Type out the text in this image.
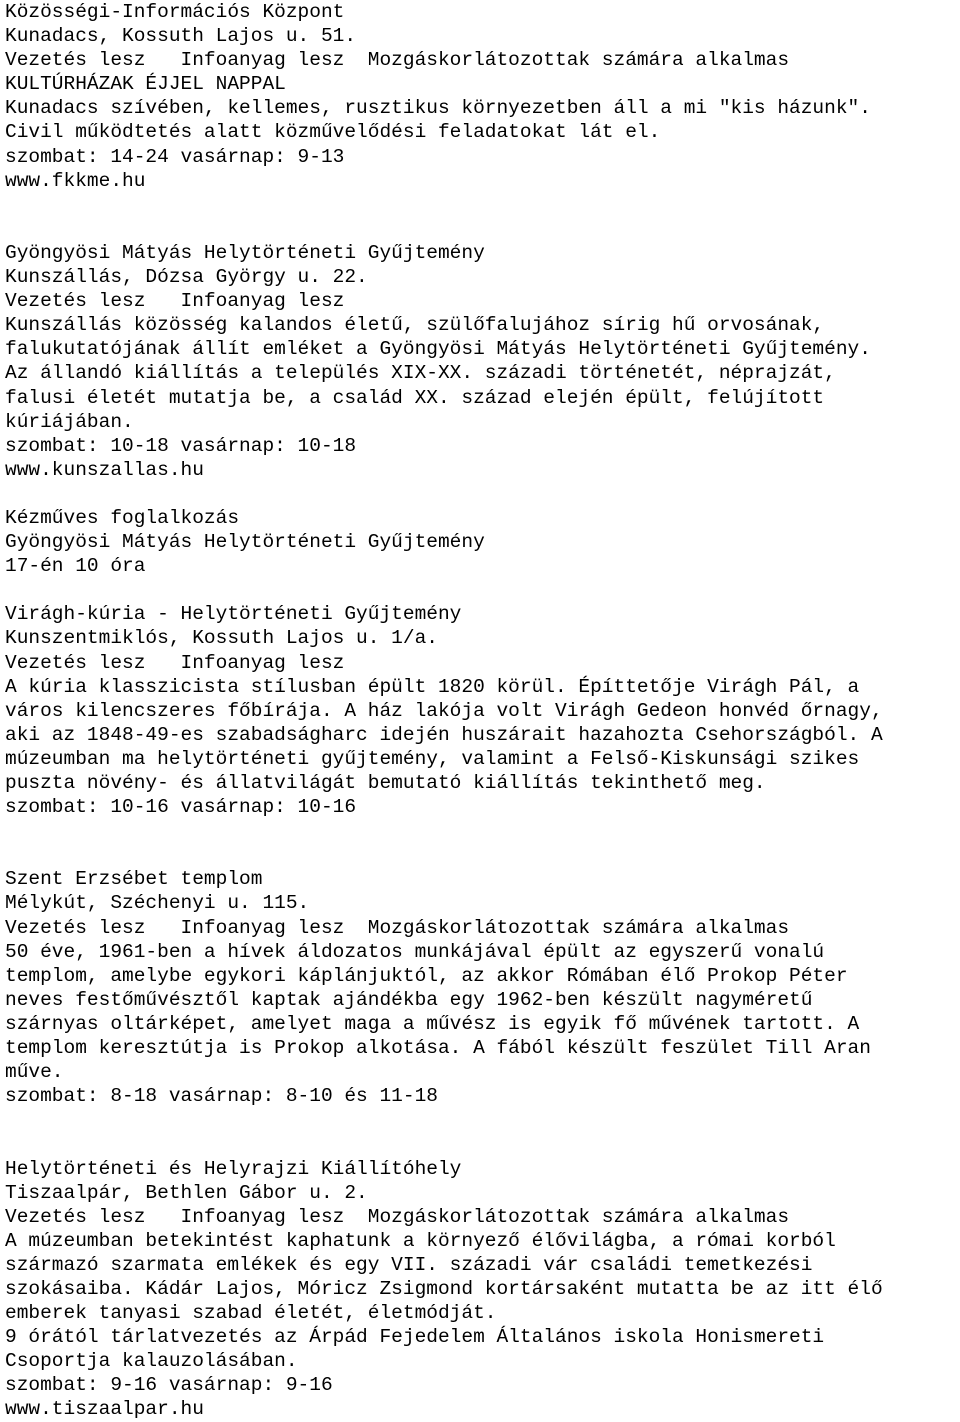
Közösségi-Információs Központ
Kunadacs, Kossuth Lajos u. 51.
Vezetés lesz   Infoanyag lesz  Mozgáskorlátozottak számára alkalmas
KULTÚRHÁZAK ÉJJEL NAPPAL
Kunadacs szívében, kellemes, rusztikus környezetben áll a mi "kis házunk".
Civil működtetés alatt közművelődési feladatokat lát el.
szombat: 14-24 vasárnap: 9-13
www.fkkme.hu
Gyöngyösi Mátyás Helytörténeti Gyűjtemény
Kunszállás, Dózsa György u. 22.
Vezetés lesz   Infoanyag lesz
Kunszállás közösség kalandos életű, szülőfalujához sírig hű orvosának,
falukutatójának állít emléket a Gyöngyösi Mátyás Helytörténeti Gyűjtemény.
Az állandó kiállítás a település XIX-XX. századi történetét, néprajzát,
falusi életét mutatja be, a család XX. század elején épült, felújított
kúriájában.
szombat: 10-18 vasárnap: 10-18
www.kunszallas.hu
Kézműves foglalkozás
Gyöngyösi Mátyás Helytörténeti Gyűjtemény
17-én 10 óra
Virágh-kúria - Helytörténeti Gyűjtemény
Kunszentmiklós, Kossuth Lajos u. 1/a.
Vezetés lesz   Infoanyag lesz
A kúria klasszicista stílusban épült 1820 körül. Építtetője Virágh Pál, a
város kilencszeres főbírája. A ház lakója volt Virágh Gedeon honvéd őrnagy,
aki az 1848-49-es szabadságharc idején huszárait hazahozta Csehországból. A
múzeumban ma helytörténeti gyűjtemény, valamint a Felső-Kiskunsági szikes
puszta növény- és állatvilágát bemutató kiállítás tekinthető meg.
szombat: 10-16 vasárnap: 10-16
Szent Erzsébet templom
Mélykút, Széchenyi u. 115.
Vezetés lesz   Infoanyag lesz  Mozgáskorlátozottak számára alkalmas
50 éve, 1961-ben a hívek áldozatos munkájával épült az egyszerű vonalú
templom, amelybe egykori káplánjuktól, az akkor Rómában élő Prokop Péter
neves festőművésztől kaptak ajándékba egy 1962-ben készült nagyméretű
szárnyas oltárképet, amelyet maga a művész is egyik fő művének tartott. A
templom keresztútja is Prokop alkotása. A fából készült feszület Till Aran
műve.
szombat: 8-18 vasárnap: 8-10 és 11-18
Helytörténeti és Helyrajzi Kiállítóhely
Tiszaalpár, Bethlen Gábor u. 2.
Vezetés lesz   Infoanyag lesz  Mozgáskorlátozottak számára alkalmas
A múzeumban betekintést kaphatunk a környező élővilágba, a római korból
származó szarmata emlékek és egy VII. századi vár családi temetkezési
szokásaiba. Kádár Lajos, Móricz Zsigmond kortársaként mutatta be az itt élő
emberek tanyasi szabad életét, életmódját.
9 órától tárlatvezetés az Árpád Fejedelem Általános iskola Honismereti
Csoportja kalauzolásában.
szombat: 9-16 vasárnap: 9-16
www.tiszaalpar.hu
